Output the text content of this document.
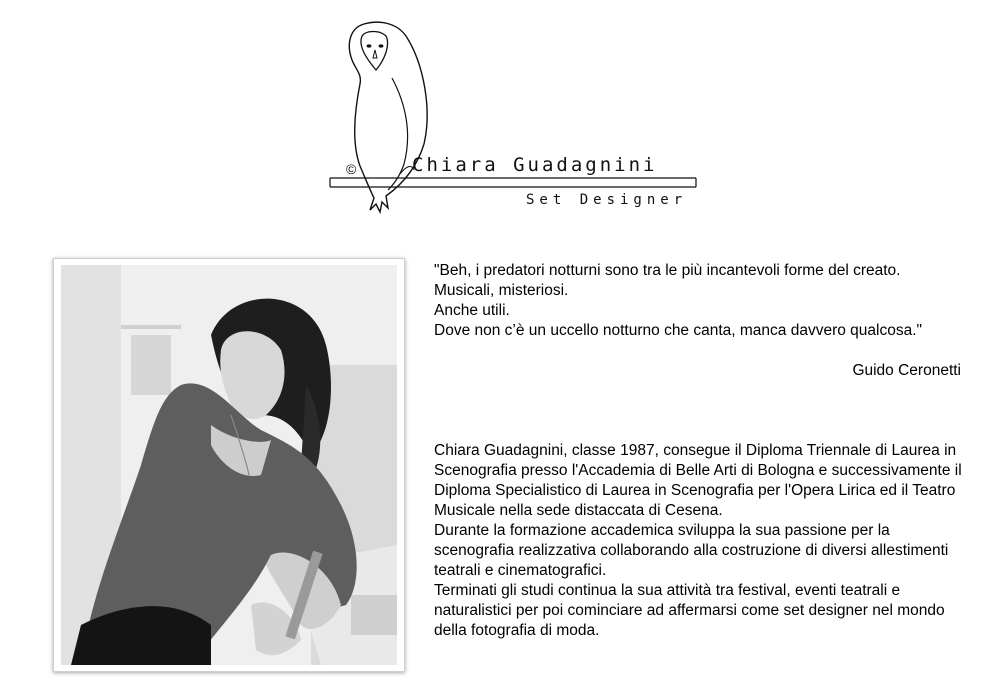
©	Chiara Guadagnini
Set Designer

"Beh, i predatori notturni sono tra le più incantevoli forme del creato.

Musicali, misteriosi.

Anche utili.

Dove non c’è un uccello notturno che canta, manca davvero qualcosa."

Guido Ceronetti

Chiara Guadagnini, classe 1987, consegue il Diploma Triennale di Laurea in Scenografia presso l'Accademia di Belle Arti di Bologna e successivamente il Diploma Specialistico di Laurea in Scenografia per l'Opera Lirica ed il Teatro Musicale nella sede distaccata di Cesena.

Durante la formazione accademica sviluppa la sua passione per la scenografia realizzativa collaborando alla costruzione di diversi allestimenti teatrali e cinematografici.

Terminati gli studi continua la sua attività tra festival, eventi teatrali e naturalistici per poi cominciare ad affermarsi come set designer nel mondo della fotografia di moda.
